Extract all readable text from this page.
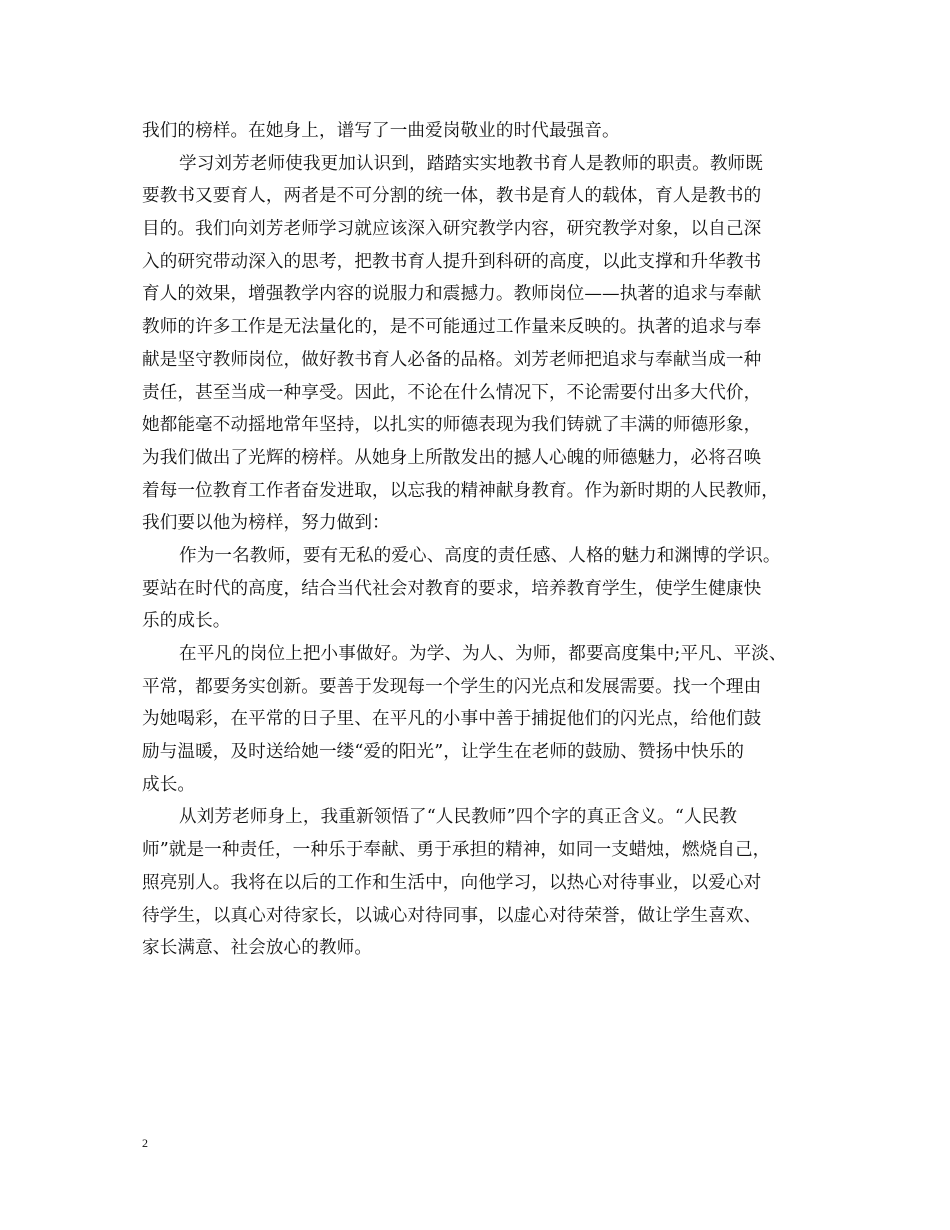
我们的榜样。在她身上，谱写了一曲爱岗敬业的时代最强音。
学习刘芳老师使我更加认识到，踏踏实实地教书育人是教师的职责。教师既
要教书又要育人，两者是不可分割的统一体，教书是育人的载体，育人是教书的
目的。我们向刘芳老师学习就应该深入研究教学内容，研究教学对象，以自己深
入的研究带动深入的思考，把教书育人提升到科研的高度，以此支撑和升华教书
育人的效果，增强教学内容的说服力和震撼力。教师岗位——执著的追求与奉献
教师的许多工作是无法量化的，是不可能通过工作量来反映的。执著的追求与奉
献是坚守教师岗位，做好教书育人必备的品格。刘芳老师把追求与奉献当成一种
责任，甚至当成一种享受。因此，不论在什么情况下，不论需要付出多大代价，
她都能毫不动摇地常年坚持，以扎实的师德表现为我们铸就了丰满的师德形象，
为我们做出了光辉的榜样。从她身上所散发出的撼人心魄的师德魅力，必将召唤
着每一位教育工作者奋发进取，以忘我的精神献身教育。作为新时期的人民教师，
我们要以他为榜样，努力做到：
作为一名教师，要有无私的爱心、高度的责任感、人格的魅力和渊博的学识。
要站在时代的高度，结合当代社会对教育的要求，培养教育学生，使学生健康快
乐的成长。
在平凡的岗位上把小事做好。为学、为人、为师，都要高度集中;平凡、平淡、
平常，都要务实创新。要善于发现每一个学生的闪光点和发展需要。找一个理由
为她喝彩，在平常的日子里、在平凡的小事中善于捕捉他们的闪光点，给他们鼓
励与温暖，及时送给她一缕“爱的阳光”，让学生在老师的鼓励、赞扬中快乐的
成长。
从刘芳老师身上，我重新领悟了“人民教师”四个字的真正含义。“人民教
师”就是一种责任，一种乐于奉献、勇于承担的精神，如同一支蜡烛，燃烧自己，
照亮别人。我将在以后的工作和生活中，向他学习，以热心对待事业，以爱心对
待学生，以真心对待家长，以诚心对待同事，以虚心对待荣誉，做让学生喜欢、
家长满意、社会放心的教师。
2
